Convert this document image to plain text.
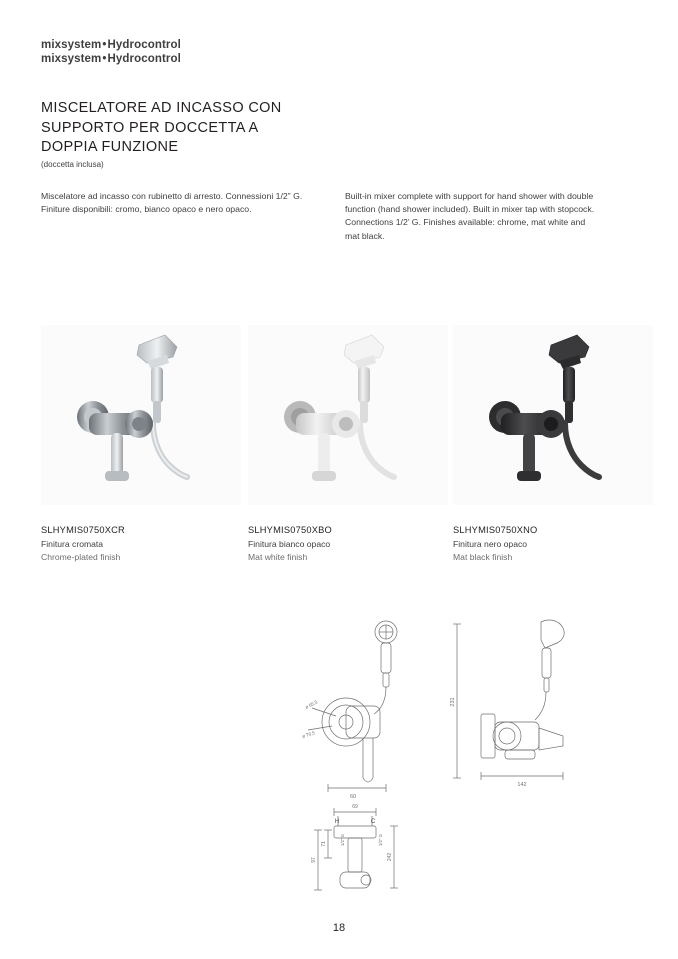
mixsystem•Hydrocontrol
mixsystem•Hydrocontrol
MISCELATORE AD INCASSO CON
SUPPORTO PER DOCCETTA A
DOPPIA FUNZIONE
(doccetta inclusa)
Miscelatore ad incasso con rubinetto di arresto. Connessioni 1/2” G. Finiture disponibili: cromo, bianco opaco e nero opaco.
Built-in mixer complete with support for hand shower with double function (hand shower included). Built in mixer tap with stopcock. Connections 1/2’ G. Finishes available: chrome, mat white and mat black.
SLHYMIS0750XCR
Finitura cromata
Chrome-plated finish
SLHYMIS0750XBO
Finitura bianco opaco
Mat white finish
SLHYMIS0750XNO
Finitura nero opaco
Mat black finish
60
ø 65,5
ø 70,5
231
142
69
H	C
1/2” G	1/2” G
71
97	242
18
